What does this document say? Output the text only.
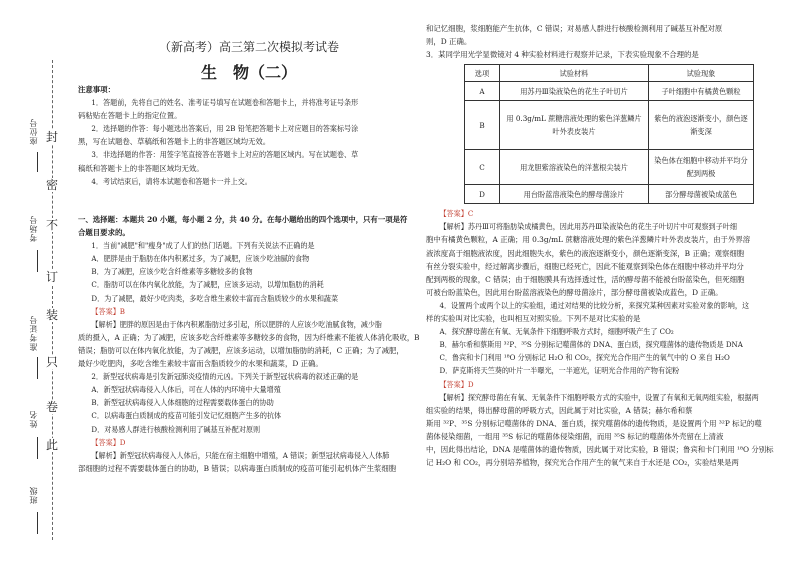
封
密
不
订
装
只
卷
此
座位号
考场号
准考证号
姓名
班级
（新高考）高三第二次模拟考试卷
生　物（二）

注意事项：

1．答题前，先将自己的姓名、准考证号填写在试题卷和答题卡上，并将准考证号条形

码粘贴在答题卡上的指定位置。

2．选择题的作答：每小题选出答案后，用 2B 铅笔把答题卡上对应题目的答案标号涂

黑，写在试题卷、草稿纸和答题卡上的非答题区域均无效。

3．非选择题的作答：用签字笔直接答在答题卡上对应的答题区域内。写在试题卷、草

稿纸和答题卡上的非答题区域均无效。

4．考试结束后，请将本试题卷和答题卡一并上交。

一、选择题：本题共 20 小题，每小题 2 分，共 40 分。在每小题给出的四个选项中，只有一项是符

合题目要求的。

1．当前"减肥"和"瘦身"成了人们的热门话题。下列有关说法不正确的是

A．肥胖是由于脂肪在体内积累过多，为了减肥，应该少吃油腻的食物

B．为了减肥，应该少吃含纤维素等多糖较多的食物

C．脂肪可以在体内氧化放能，为了减肥，应该多运动，以增加脂肪的消耗

D．为了减肥，最好少吃肉类，多吃含维生素较丰富而含脂质较少的水果和蔬菜

【答案】B

【解析】肥胖的原因是由于体内积累脂肪过多引起，所以肥胖的人应该少吃油腻食物，减少脂

质的摄入，A 正确；为了减肥，应该多吃含纤维素等多糖较多的食物，因为纤维素不能被人体消化吸收，B

错误；脂肪可以在体内氧化放能，为了减肥，应该多运动，以增加脂肪的消耗，C 正确；为了减肥，

最好少吃肥肉，多吃含维生素较丰富而含脂质较少的水果和蔬菜，D 正确。

2．新型冠状病毒是引发新冠肺炎疫情的元凶。下列关于新型冠状病毒的叙述正确的是

A．新型冠状病毒侵入人体后，可在人体的内环境中大量增殖

B．新型冠状病毒侵入人体细胞的过程需要载体蛋白的协助

C．以病毒蛋白质制成的疫苗可能引发记忆细胞产生多的抗体

D．对易感人群进行核酸检测利用了碱基互补配对原则

【答案】D

【解析】新型冠状病毒侵入人体后，只能在宿主细胞中增殖，A 错误；新型冠状病毒侵入人体肺

部细胞的过程不需要载体蛋白的协助，B 错误；以病毒蛋白质制成的疫苗可能引起机体产生浆细胞

和记忆细胞，浆细胞能产生抗体，C 错误；对易感人群进行核酸检测利用了碱基互补配对原

则，D 正确。

3．某同学用光学显微镜对 4 种实验材料进行观察并记录，下表实验现象不合理的是

选项	试验材料	试验现象
A	用苏丹Ⅲ染液染色的花生子叶切片	子叶细胞中有橘黄色颗粒
B	用 0.3g/mL 蔗糖溶液处理的紫色洋葱鳞片叶外表皮装片	紫色的液泡逐渐变小，颜色逐渐变深
C	用龙胆紫溶液染色的洋葱根尖装片	染色体在细胞中移动并平均分配到两极
D	用台盼蓝溶液染色的酵母菌涂片	部分酵母菌被染成蓝色

【答案】C

【解析】苏丹Ⅲ可将脂肪染成橘黄色，因此用苏丹Ⅲ染液染色的花生子叶切片中可观察到子叶细

胞中有橘黄色颗粒，A 正确；用 0.3g/mL 蔗糖溶液处理的紫色洋葱鳞片叶外表皮装片，由于外界溶

液浓度高于细胞液浓度，因此细胞失水，紫色的液泡逐渐变小，颜色逐渐变深，B 正确；观察细胞

有丝分裂实验中，经过解离步骤后，细胞已经死亡，因此不能观察到染色体在细胞中移动并平均分

配到两极的现象，C 错误；由于细胞膜具有选择透过性，活的酵母菌不能被台盼蓝染色，但死细胞

可被台盼蓝染色，因此用台盼蓝溶液染色的酵母菌涂片，部分酵母菌被染成蓝色，D 正确。

4．设置两个或两个以上的实验组，通过对结果的比较分析，来探究某种因素对实验对象的影响，这

样的实验叫对比实验，也叫相互对照实验。下列不是对比实验的是

A．探究酵母菌在有氧、无氧条件下细胞呼吸方式时，细胞呼吸产生了 CO₂

B．赫尔希和蔡斯用 ³²P、³⁵S 分别标记噬菌体的 DNA、蛋白质，探究噬菌体的遗传物质是 DNA

C．鲁宾和卡门利用 ¹⁸O 分别标记 H₂O 和 CO₂，探究光合作用产生的氧气中的 O 来自 H₂O

D．萨克斯将天竺葵的叶片一半曝光，一半遮光，证明光合作用的产物有淀粉

【答案】D

【解析】探究酵母菌在有氧、无氧条件下细胞呼吸方式的实验中，设置了有氧和无氧两组实验，根据两

组实验的结果，得出酵母菌的呼吸方式，因此属于对比实验，A 错误；赫尔希和蔡

斯用 ³²P、³⁵S 分别标记噬菌体的 DNA、蛋白质，探究噬菌体的遗传物质，是设置两个用 ³²P 标记的噬

菌体侵染细菌，一组用 ³⁵S 标记的噬菌体侵染细菌，而用 ³⁵S 标记的噬菌体外壳留在上清液

中，因此得出结论，DNA 是噬菌体的遗传物质，因此属于对比实验，B 错误；鲁宾和卡门利用 ¹⁸O 分别标

记 H₂O 和 CO₂，再分别培养植物，探究光合作用产生的氧气来自于水还是 CO₂，实验结果是两
